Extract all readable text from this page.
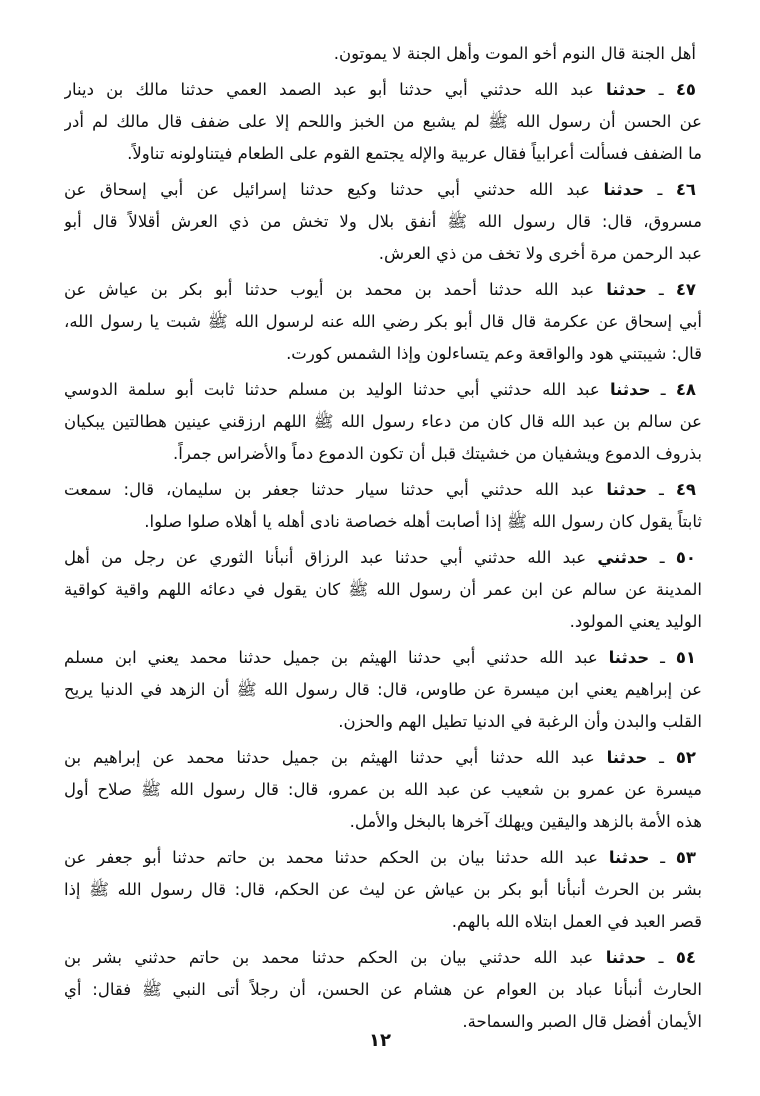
أهل الجنة قال النوم أخو الموت وأهل الجنة لا يموتون.
٤٥ ـ حدثنا عبد الله حدثني أبي حدثنا أبو عبد الصمد العمي حدثنا مالك بن دينار
عن الحسن أن رسول الله ﷺ لم يشبع من الخبز واللحم إلا على ضفف قال مالك لم أدر
ما الضفف فسألت أعرابياً فقال عربية والإله يجتمع القوم على الطعام فيتناولونه تناولاً.
٤٦ ـ حدثنا عبد الله حدثني أبي حدثنا وكيع حدثنا إسرائيل عن أبي إسحاق عن
مسروق، قال: قال رسول الله ﷺ أنفق بلال ولا تخش من ذي العرش أقلالاً قال أبو
عبد الرحمن مرة أخرى ولا تخف من ذي العرش.
٤٧ ـ حدثنا عبد الله حدثنا أحمد بن محمد بن أيوب حدثنا أبو بكر بن عياش عن
أبي إسحاق عن عكرمة قال قال أبو بكر رضي الله عنه لرسول الله ﷺ شبت يا رسول الله،
قال: شيبتني هود والواقعة وعم يتساءلون وإذا الشمس كورت.
٤٨ ـ حدثنا عبد الله حدثني أبي حدثنا الوليد بن مسلم حدثنا ثابت أبو سلمة الدوسي
عن سالم بن عبد الله قال كان من دعاء رسول الله ﷺ اللهم ارزقني عينين هطالتين يبكيان
بذروف الدموع ويشفيان من خشيتك قبل أن تكون الدموع دماً والأضراس جمراً.
٤٩ ـ حدثنا عبد الله حدثني أبي حدثنا سيار حدثنا جعفر بن سليمان، قال: سمعت
ثابتاً يقول كان رسول الله ﷺ إذا أصابت أهله خصاصة نادى أهله يا أهلاه صلوا صلوا.
٥٠ ـ حدثني عبد الله حدثني أبي حدثنا عبد الرزاق أنبأنا الثوري عن رجل من أهل
المدينة عن سالم عن ابن عمر أن رسول الله ﷺ كان يقول في دعائه اللهم واقية كواقية
الوليد يعني المولود.
٥١ ـ حدثنا عبد الله حدثني أبي حدثنا الهيثم بن جميل حدثنا محمد يعني ابن مسلم
عن إبراهيم يعني ابن ميسرة عن طاوس، قال: قال رسول الله ﷺ أن الزهد في الدنيا يريح
القلب والبدن وأن الرغبة في الدنيا تطيل الهم والحزن.
٥٢ ـ حدثنا عبد الله حدثنا أبي حدثنا الهيثم بن جميل حدثنا محمد عن إبراهيم بن
ميسرة عن عمرو بن شعيب عن عبد الله بن عمرو، قال: قال رسول الله ﷺ صلاح أول
هذه الأمة بالزهد واليقين ويهلك آخرها بالبخل والأمل.
٥٣ ـ حدثنا عبد الله حدثنا بيان بن الحكم حدثنا محمد بن حاتم حدثنا أبو جعفر عن
بشر بن الحرث أنبأنا أبو بكر بن عياش عن ليث عن الحكم، قال: قال رسول الله ﷺ إذا
قصر العبد في العمل ابتلاه الله بالهم.
٥٤ ـ حدثنا عبد الله حدثني بيان بن الحكم حدثنا محمد بن حاتم حدثني بشر بن
الحارث أنبأنا عباد بن العوام عن هشام عن الحسن، أن رجلاً أتى النبي ﷺ فقال: أي
الأيمان أفضل قال الصبر والسماحة.
١٢
